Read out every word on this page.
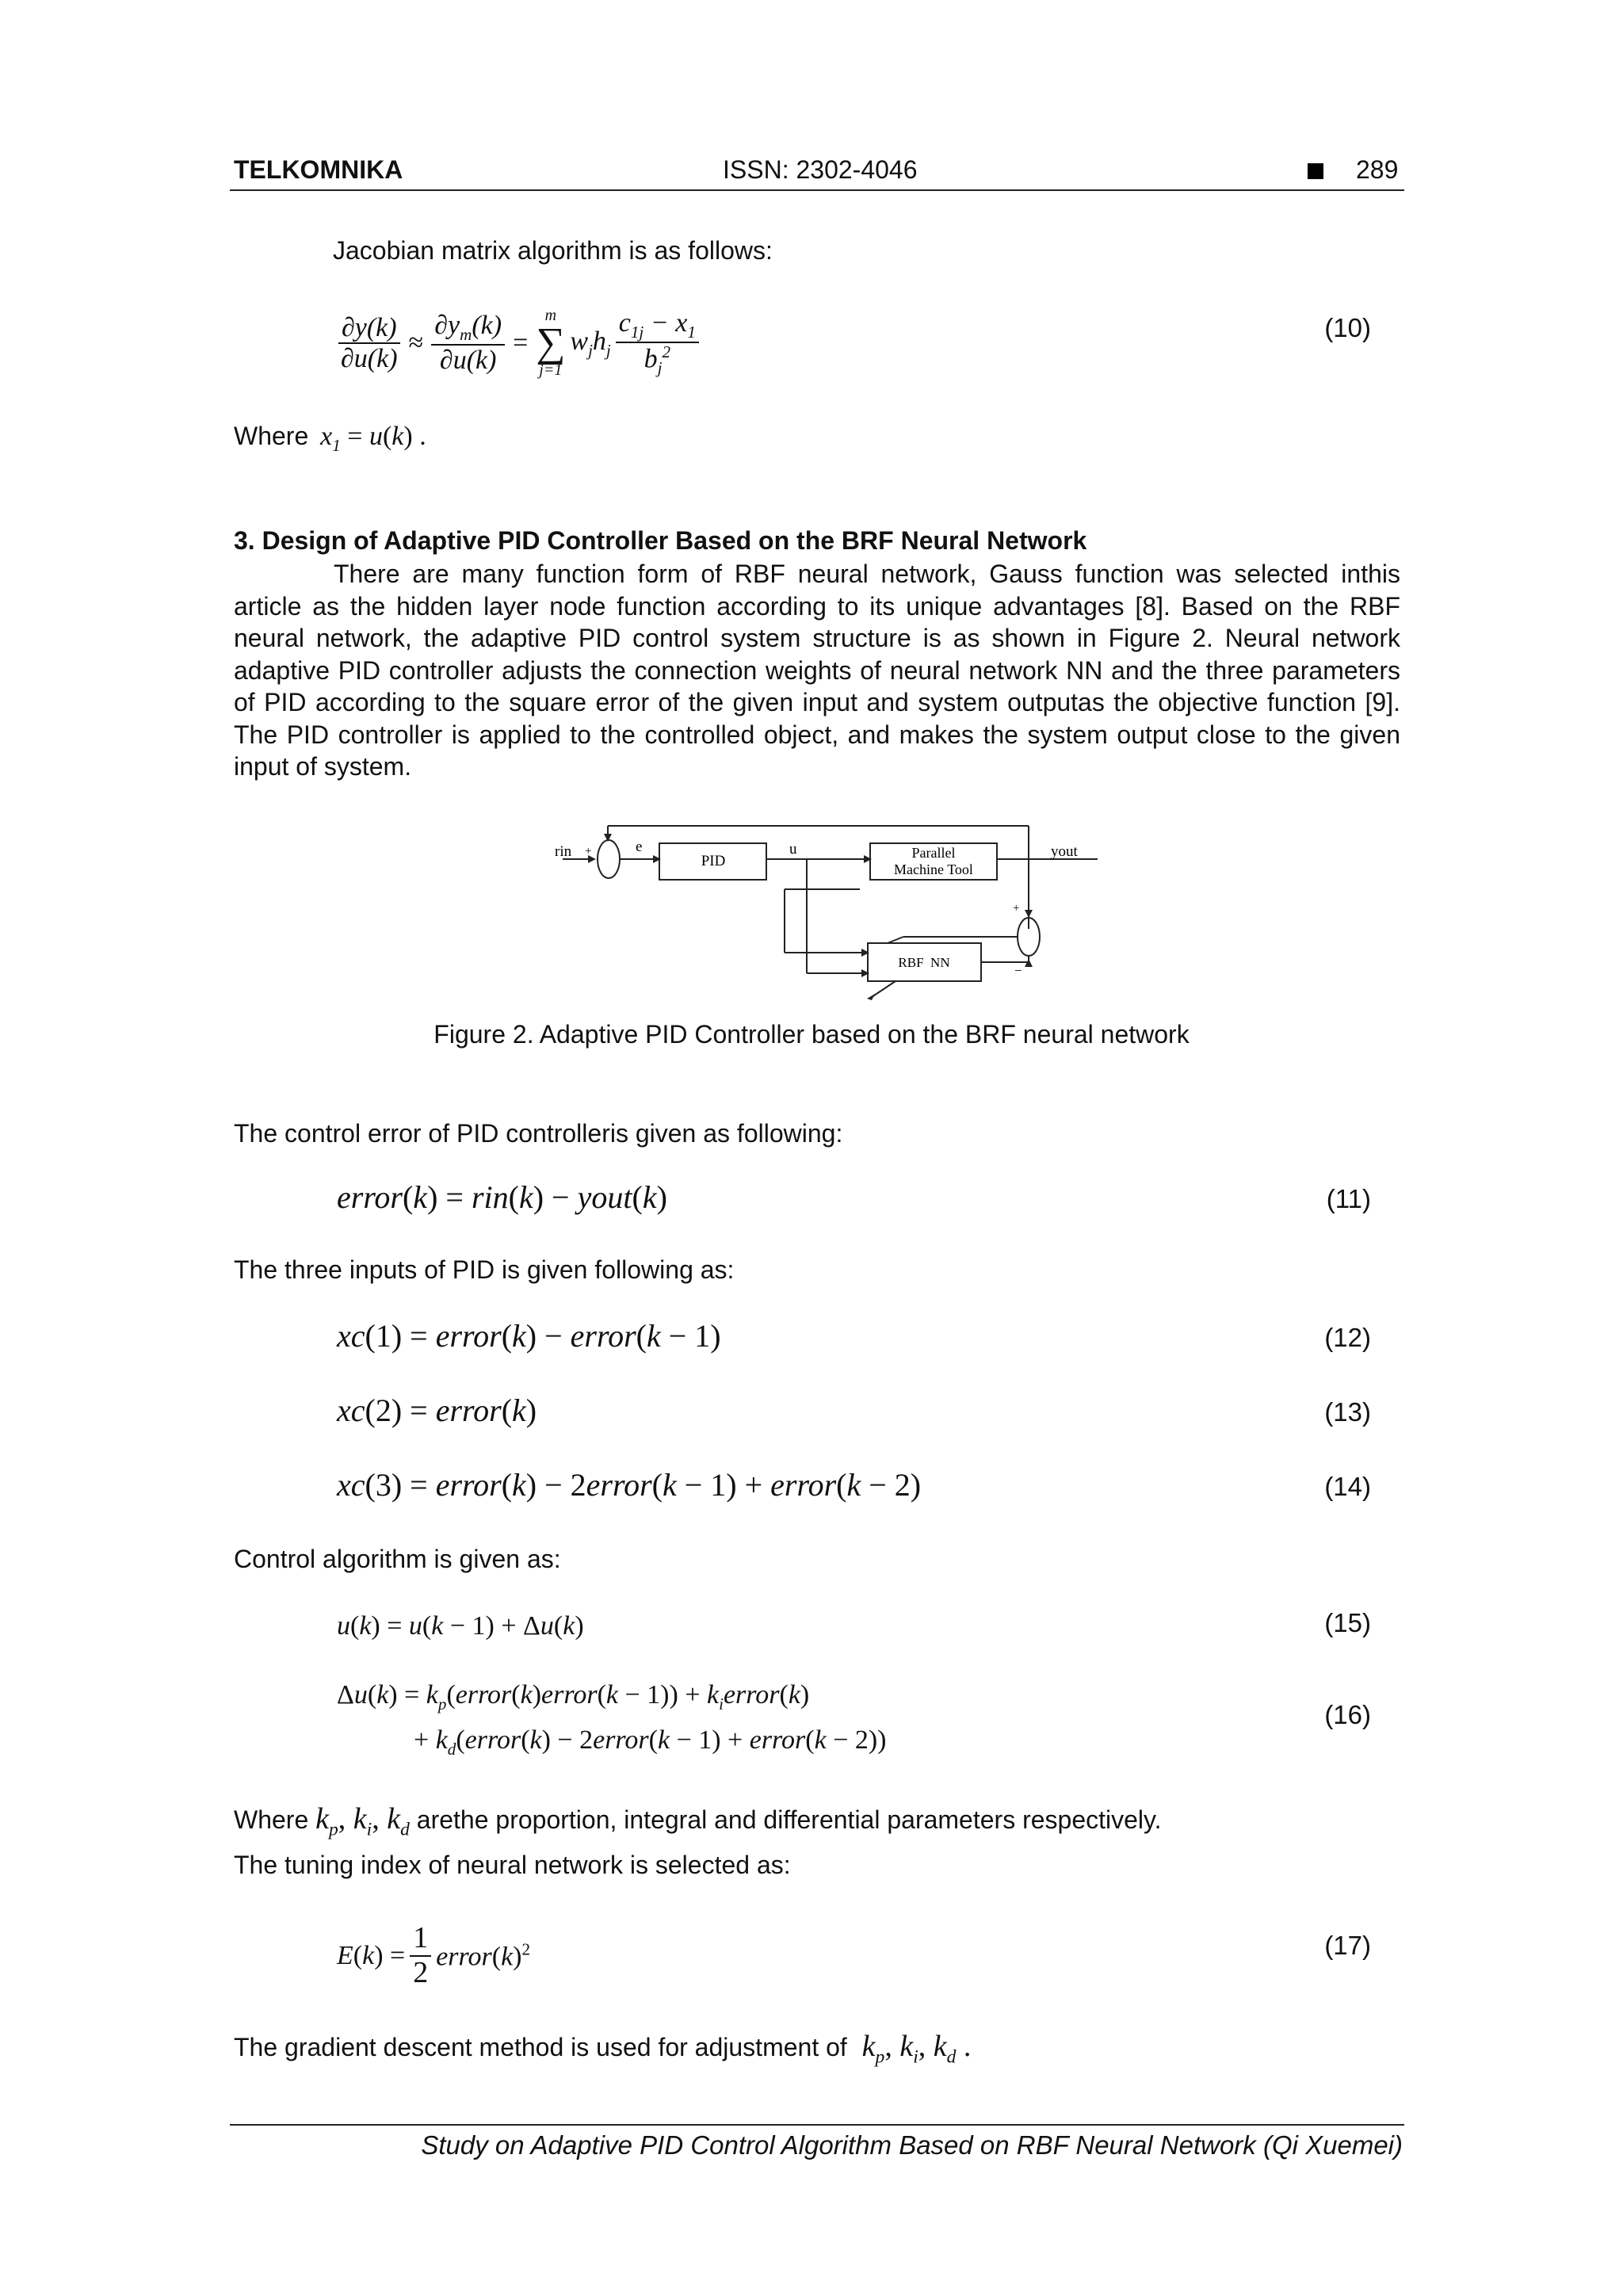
TELKOMNIKA	ISSN: 2302-4046	289
Jacobian matrix algorithm is as follows:
$\frac{\partial y(k)}{\partial u(k)} \approx \frac{\partial y_m(k)}{\partial u(k)}$ =
m
∑
j=1
$w_jh_j \frac{c_{1j} - x_1}{b_j^2}$	(10)
Where $x_1 = u(k)$ .
3. Design of Adaptive PID Controller Based on the BRF Neural Network
There are many function form of RBF neural network, Gauss function was selected inthis article as the hidden layer node function according to its unique advantages [8]. Based on the RBF neural network, the adaptive PID control system structure is as shown in Figure 2. Neural network adaptive PID controller adjusts the connection weights of neural network NN and the three parameters of PID according to the square error of the given input and system outputas the objective function [9]. The PID controller is applied to the controlled object, and makes the system output close to the given input of system.
rin +	e
PID
u	Parallel
Machine Tool
yout
+
−
RBF  NN
Figure 2. Adaptive PID Controller based on the BRF neural network
The control error of PID controlleris given as following:
error(k) = rin(k) − yout(k)	(11)
The three inputs of PID is given following as:
xc(1) = error(k) − error(k − 1)	(12)
xc(2) = error(k)	(13)
xc(3) = error(k) − 2error(k − 1) + error(k − 2)	(14)
Control algorithm is given as:
u(k) = u(k − 1) + Δu(k)	(15)
$\Delta u(k) = k_p(error(k)error(k - 1))$ + $k_ierror(k)$
+ $k_d(error(k)$ − 2error(k − 1) + error(k − 2))
(16)
Where $k_p$, $k_i$, $k_d$ arethe proportion, integral and differential parameters respectively.
The tuning index of neural network is selected as:
$E(k) = \frac{1}{2}$ $error(k)^2$	(17)
The gradient descent method is used for adjustment of $k_p$, $k_i$, $k_d$ .
Study on Adaptive PID Control Algorithm Based on RBF Neural Network (Qi Xuemei)
